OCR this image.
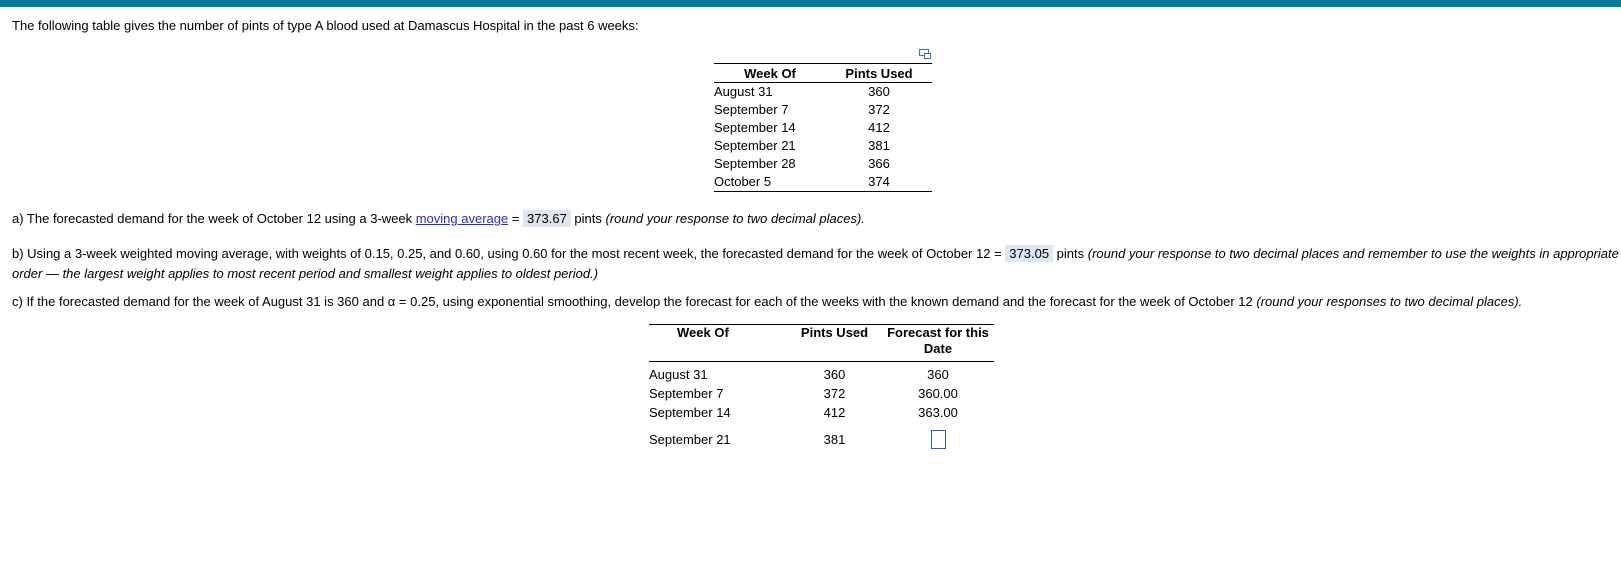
The following table gives the number of pints of type A blood used at Damascus Hospital in the past 6 weeks:
Week Of	Pints Used
August 31	360
September 7	372
September 14	412
September 21	381
September 28	366
October 5	374
a) The forecasted demand for the week of October 12 using a 3-week moving average = 373.67 pints (round your response to two decimal places).
b) Using a 3-week weighted moving average, with weights of 0.15, 0.25, and 0.60, using 0.60 for the most recent week, the forecasted demand for the week of October 12 = 373.05 pints (round your response to two decimal places and remember to use the weights in appropriate order — the largest weight applies to most recent period and smallest weight applies to oldest period.)
c) If the forecasted demand for the week of August 31 is 360 and α = 0.25, using exponential smoothing, develop the forecast for each of the weeks with the known demand and the forecast for the week of October 12 (round your responses to two decimal places).
Week Of	Pints Used	Forecast for this Date
August 31	360	360
September 7	372	360.00
September 14	412	363.00
September 21	381	
